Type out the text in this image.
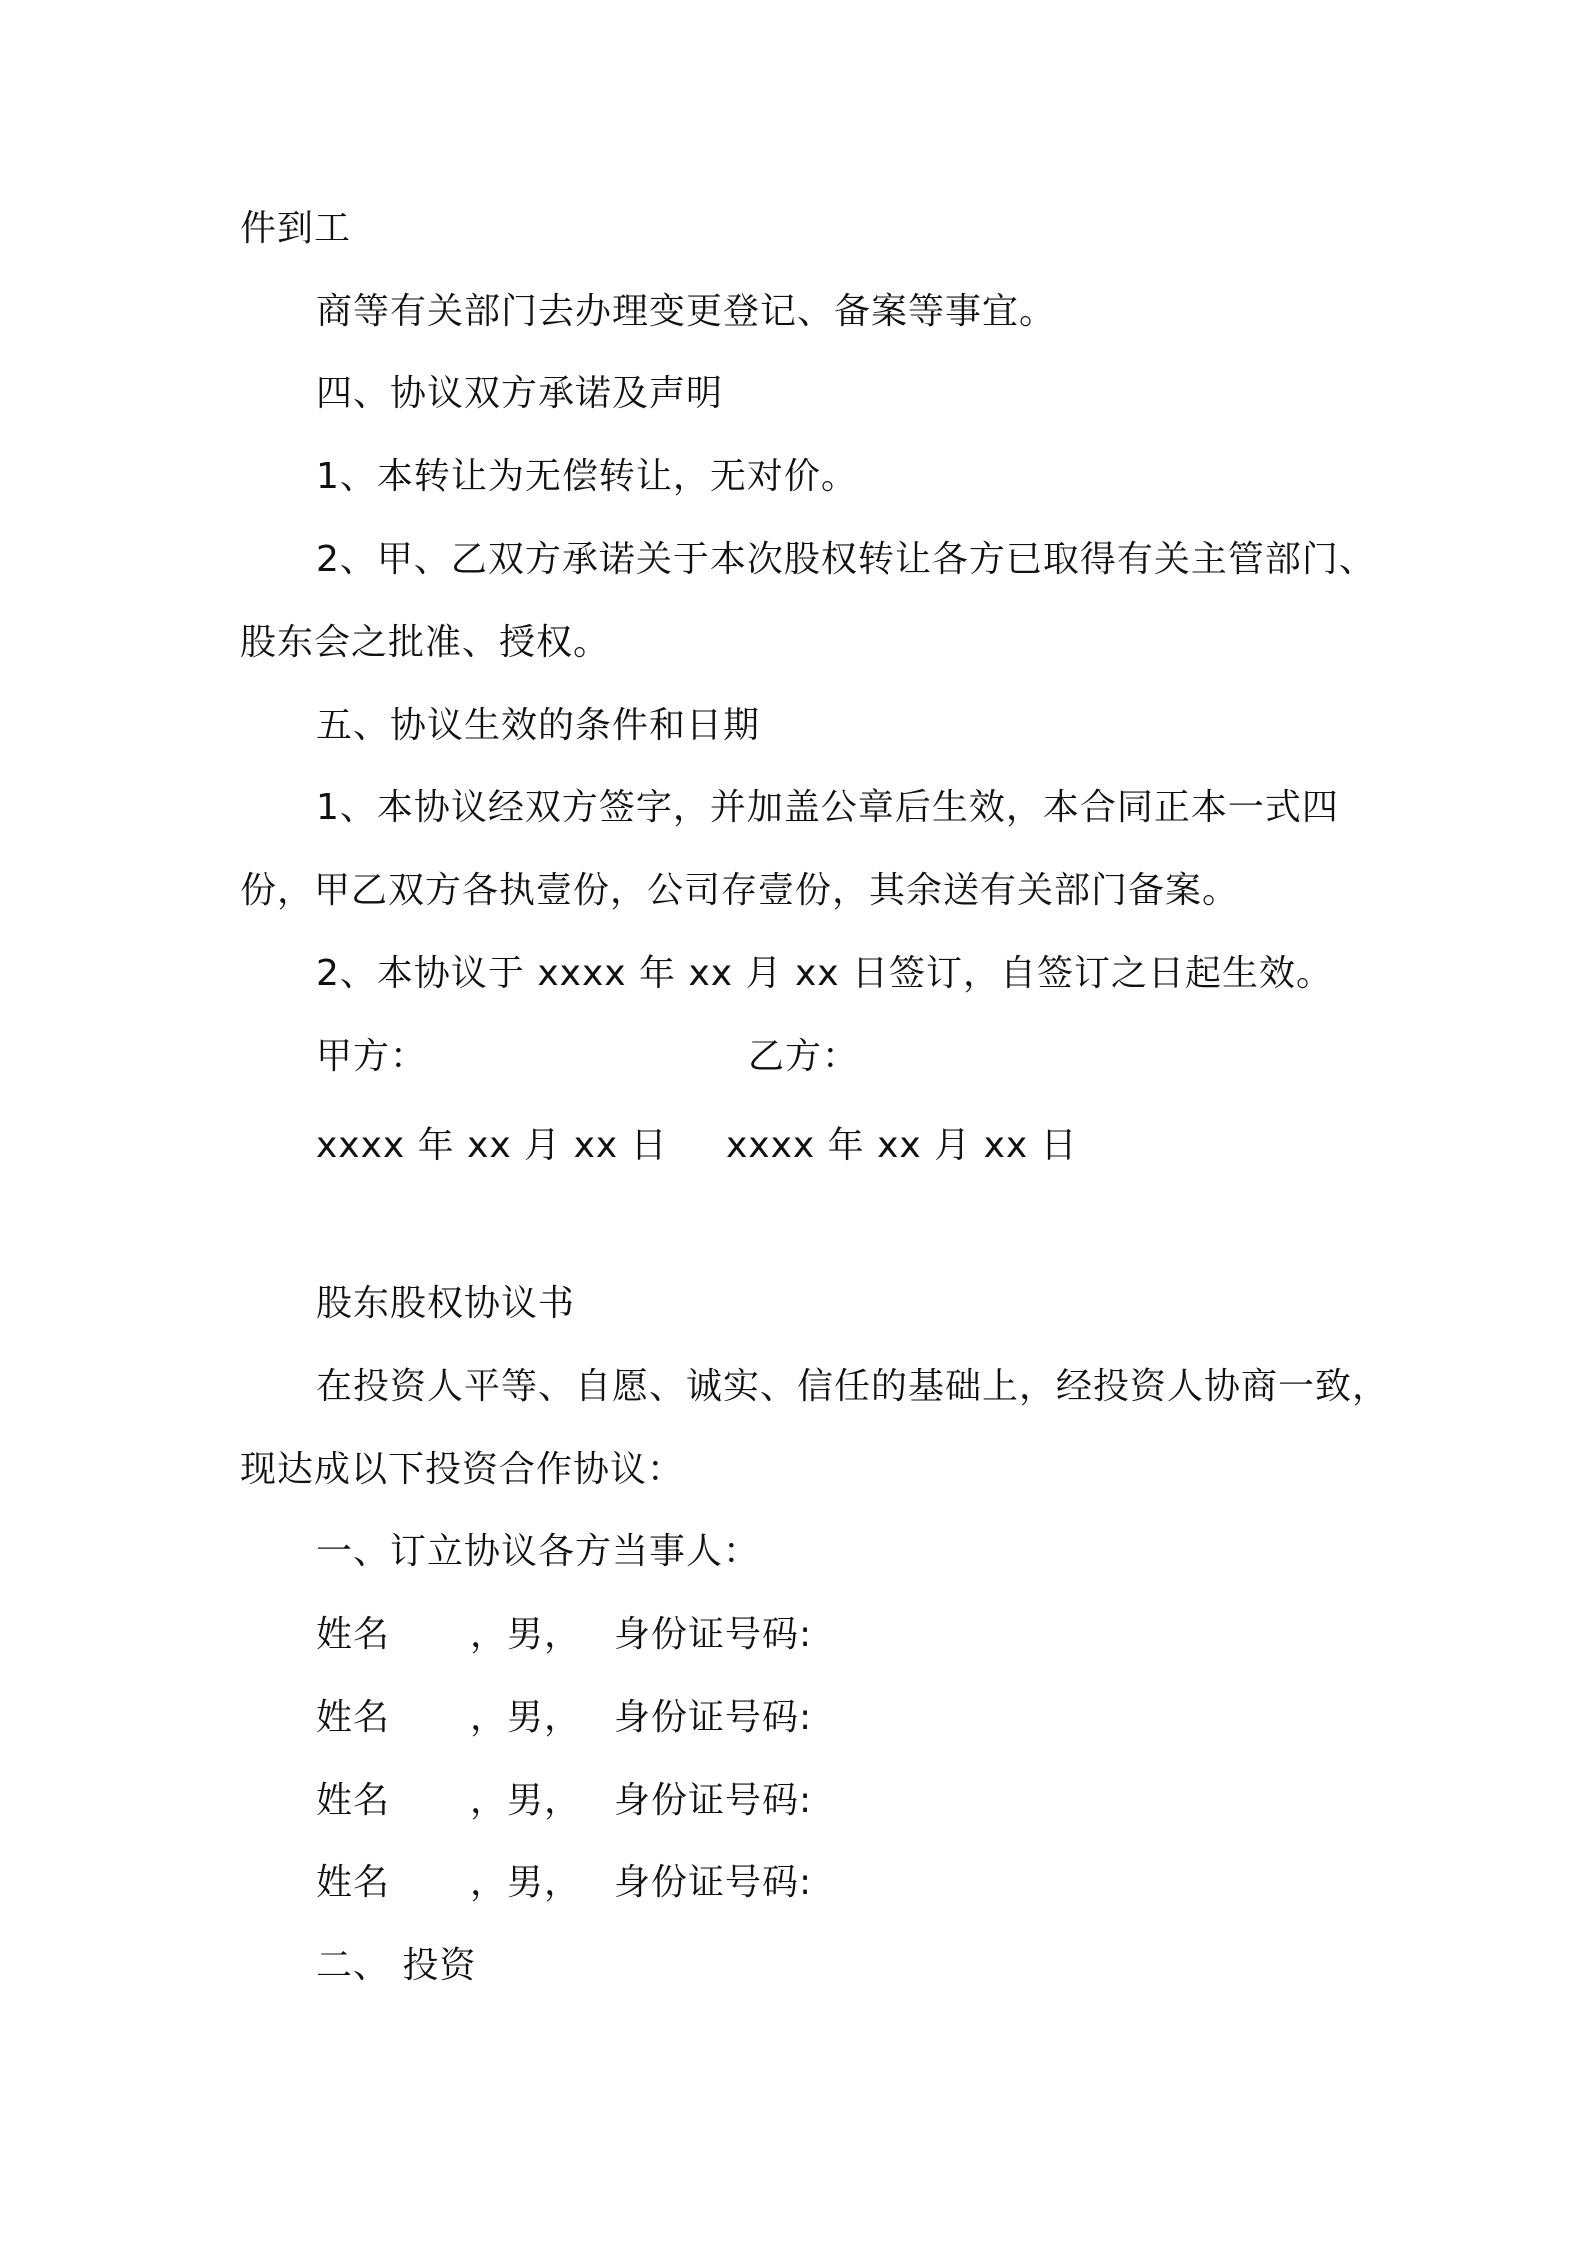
件到工
商等有关部门去办理变更登记、备案等事宜。
四、协议双方承诺及声明
1、本转让为无偿转让，无对价。
2、甲、乙双方承诺关于本次股权转让各方已取得有关主管部门、
股东会之批准、授权。
五、协议生效的条件和日期
1、本协议经双方签字，并加盖公章后生效，本合同正本一式四
份，甲乙双方各执壹份，公司存壹份，其余送有关部门备案。
2、本协议于 xxxx 年 xx 月 xx 日签订，自签订之日起生效。
甲方：	乙方：
xxxx 年 xx 月 xx 日 xxxx 年 xx 月 xx 日
股东股权协议书
在投资人平等、自愿、诚实、信任的基础上，经投资人协商一致，
现达成以下投资合作协议：
一、订立协议各方当事人：
姓名 ，男， 身份证号码:
姓名 ，男， 身份证号码:
姓名 ，男， 身份证号码:
姓名 ，男， 身份证号码:
二、 投资
